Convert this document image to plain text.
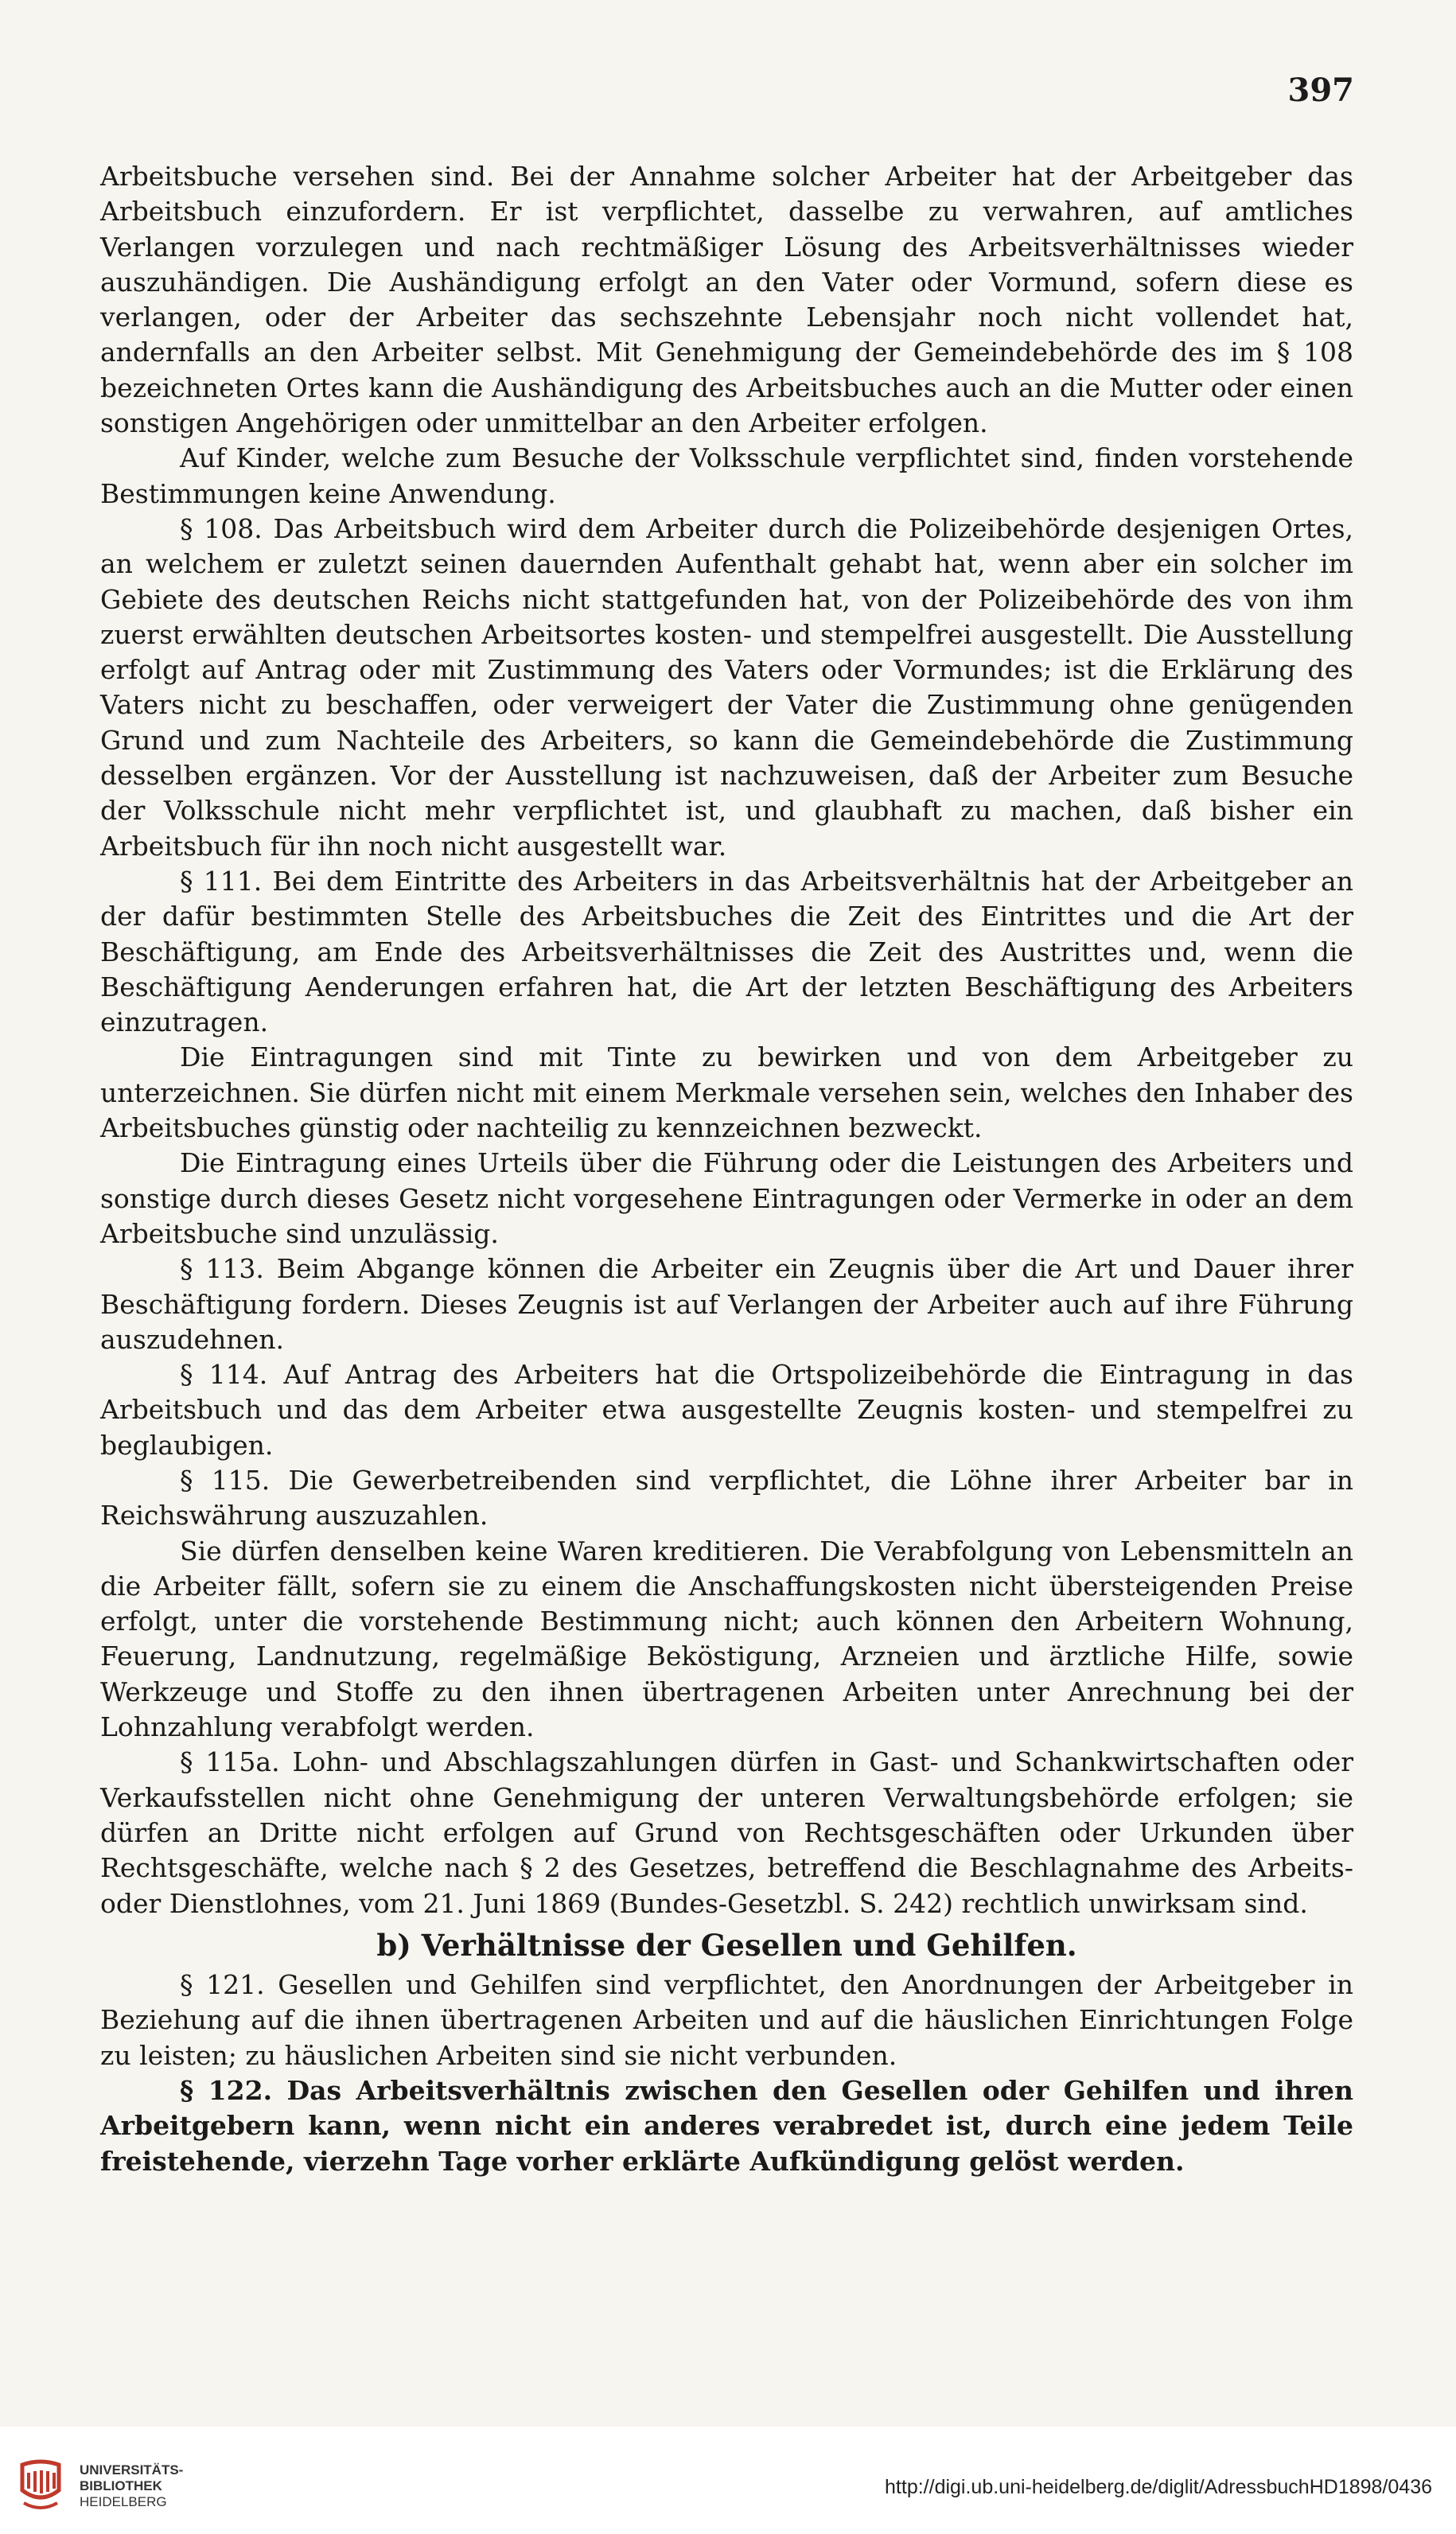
397

Arbeitsbuche versehen sind. Bei der Annahme solcher Arbeiter hat der Arbeitgeber das Arbeitsbuch einzufordern. Er ist verpflichtet, dasselbe zu verwahren, auf amtliches Verlangen vorzulegen und nach rechtmäßiger Lösung des Arbeitsverhältnisses wieder auszuhändigen. Die Aushändigung erfolgt an den Vater oder Vormund, sofern diese es verlangen, oder der Arbeiter das sechszehnte Lebensjahr noch nicht vollendet hat, andernfalls an den Arbeiter selbst. Mit Genehmigung der Gemeindebehörde des im § 108 bezeichneten Ortes kann die Aushändigung des Arbeitsbuches auch an die Mutter oder einen sonstigen Angehörigen oder unmittelbar an den Arbeiter erfolgen.

Auf Kinder, welche zum Besuche der Volksschule verpflichtet sind, finden vorstehende Bestimmungen keine Anwendung.

§ 108. Das Arbeitsbuch wird dem Arbeiter durch die Polizeibehörde desjenigen Ortes, an welchem er zuletzt seinen dauernden Aufenthalt gehabt hat, wenn aber ein solcher im Gebiete des deutschen Reichs nicht stattgefunden hat, von der Polizeibehörde des von ihm zuerst erwählten deutschen Arbeitsortes kosten- und stempelfrei ausgestellt. Die Ausstellung erfolgt auf Antrag oder mit Zustimmung des Vaters oder Vormundes; ist die Erklärung des Vaters nicht zu beschaffen, oder verweigert der Vater die Zustimmung ohne genügenden Grund und zum Nachteile des Arbeiters, so kann die Gemeindebehörde die Zustimmung desselben ergänzen. Vor der Ausstellung ist nachzuweisen, daß der Arbeiter zum Besuche der Volksschule nicht mehr verpflichtet ist, und glaubhaft zu machen, daß bisher ein Arbeitsbuch für ihn noch nicht ausgestellt war.

§ 111. Bei dem Eintritte des Arbeiters in das Arbeitsverhältnis hat der Arbeitgeber an der dafür bestimmten Stelle des Arbeitsbuches die Zeit des Eintrittes und die Art der Beschäftigung, am Ende des Arbeitsverhältnisses die Zeit des Austrittes und, wenn die Beschäftigung Aenderungen erfahren hat, die Art der letzten Beschäftigung des Arbeiters einzutragen.

Die Eintragungen sind mit Tinte zu bewirken und von dem Arbeitgeber zu unterzeichnen. Sie dürfen nicht mit einem Merkmale versehen sein, welches den Inhaber des Arbeitsbuches günstig oder nachteilig zu kennzeichnen bezweckt.

Die Eintragung eines Urteils über die Führung oder die Leistungen des Arbeiters und sonstige durch dieses Gesetz nicht vorgesehene Eintragungen oder Vermerke in oder an dem Arbeitsbuche sind unzulässig.

§ 113. Beim Abgange können die Arbeiter ein Zeugnis über die Art und Dauer ihrer Beschäftigung fordern. Dieses Zeugnis ist auf Verlangen der Arbeiter auch auf ihre Führung auszudehnen.

§ 114. Auf Antrag des Arbeiters hat die Ortspolizeibehörde die Eintragung in das Arbeitsbuch und das dem Arbeiter etwa ausgestellte Zeugnis kosten- und stempelfrei zu beglaubigen.

§ 115. Die Gewerbetreibenden sind verpflichtet, die Löhne ihrer Arbeiter bar in Reichswährung auszuzahlen.

Sie dürfen denselben keine Waren kreditieren. Die Verabfolgung von Lebensmitteln an die Arbeiter fällt, sofern sie zu einem die Anschaffungskosten nicht übersteigenden Preise erfolgt, unter die vorstehende Bestimmung nicht; auch können den Arbeitern Wohnung, Feuerung, Landnutzung, regelmäßige Beköstigung, Arzneien und ärztliche Hilfe, sowie Werkzeuge und Stoffe zu den ihnen übertragenen Arbeiten unter Anrechnung bei der Lohnzahlung verabfolgt werden.

§ 115a. Lohn- und Abschlagszahlungen dürfen in Gast- und Schankwirtschaften oder Verkaufsstellen nicht ohne Genehmigung der unteren Verwaltungsbehörde erfolgen; sie dürfen an Dritte nicht erfolgen auf Grund von Rechtsgeschäften oder Urkunden über Rechtsgeschäfte, welche nach § 2 des Gesetzes, betreffend die Beschlagnahme des Arbeits- oder Dienstlohnes, vom 21. Juni 1869 (Bundes-Gesetzbl. S. 242) rechtlich unwirksam sind.

b) Verhältnisse der Gesellen und Gehilfen.

§ 121. Gesellen und Gehilfen sind verpflichtet, den Anordnungen der Arbeitgeber in Beziehung auf die ihnen übertragenen Arbeiten und auf die häuslichen Einrichtungen Folge zu leisten; zu häuslichen Arbeiten sind sie nicht verbunden.

§ 122. Das Arbeitsverhältnis zwischen den Gesellen oder Gehilfen und ihren Arbeitgebern kann, wenn nicht ein anderes verabredet ist, durch eine jedem Teile freistehende, vierzehn Tage vorher erklärte Aufkündigung gelöst werden.

UNIVERSITÄTS-
BIBLIOTHEK
HEIDELBERG
http://digi.ub.uni-heidelberg.de/diglit/AdressbuchHD1898/0436
